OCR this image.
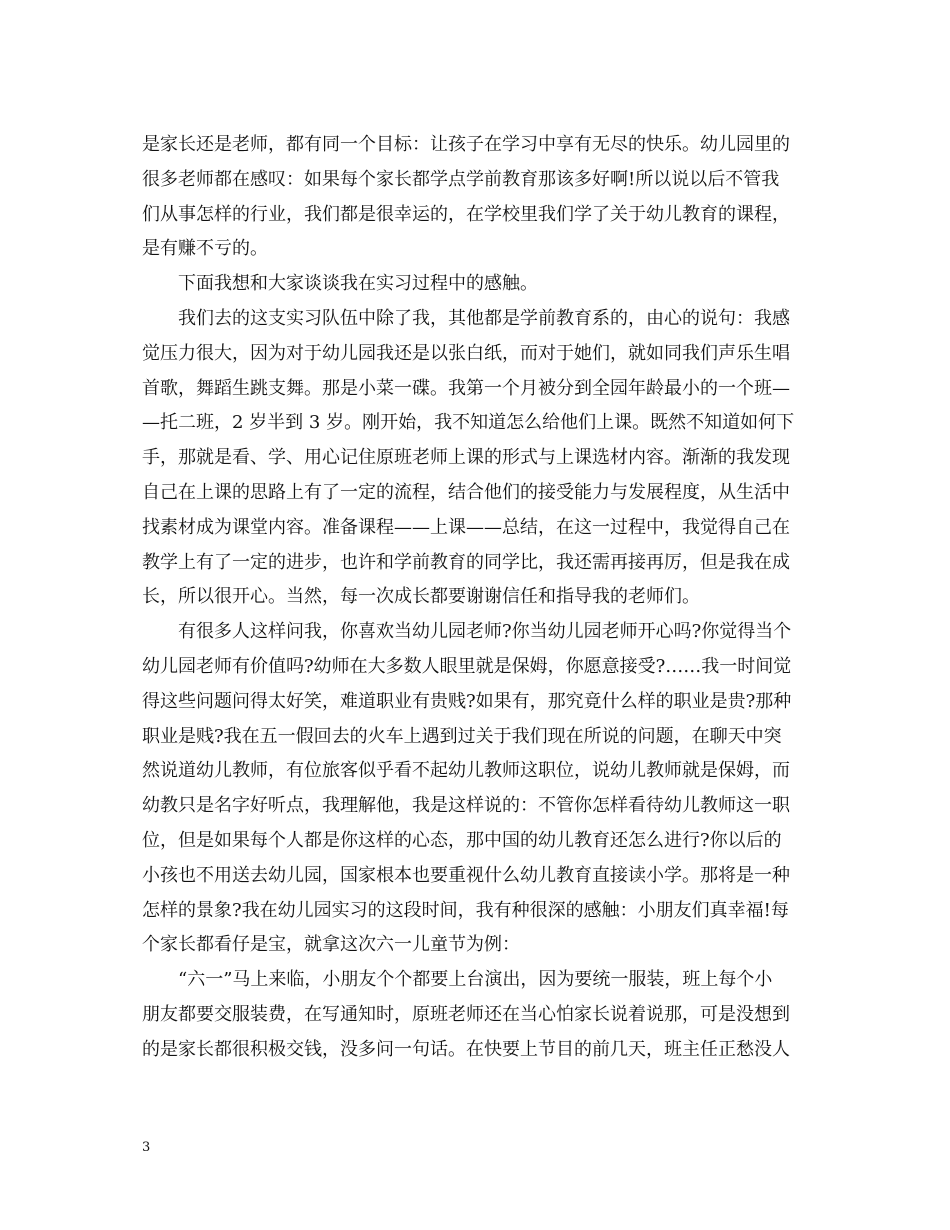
是家长还是老师，都有同一个目标：让孩子在学习中享有无尽的快乐。幼儿园里的
很多老师都在感叹：如果每个家长都学点学前教育那该多好啊!所以说以后不管我
们从事怎样的行业，我们都是很幸运的，在学校里我们学了关于幼儿教育的课程，
是有赚不亏的。
下面我想和大家谈谈我在实习过程中的感触。
我们去的这支实习队伍中除了我，其他都是学前教育系的，由心的说句：我感
觉压力很大，因为对于幼儿园我还是以张白纸，而对于她们，就如同我们声乐生唱
首歌，舞蹈生跳支舞。那是小菜一碟。我第一个月被分到全园年龄最小的一个班—
—托二班，2 岁半到 3 岁。刚开始，我不知道怎么给他们上课。既然不知道如何下
手，那就是看、学、用心记住原班老师上课的形式与上课选材内容。渐渐的我发现
自己在上课的思路上有了一定的流程，结合他们的接受能力与发展程度，从生活中
找素材成为课堂内容。准备课程——上课——总结，在这一过程中，我觉得自己在
教学上有了一定的进步，也许和学前教育的同学比，我还需再接再厉，但是我在成
长，所以很开心。当然，每一次成长都要谢谢信任和指导我的老师们。
有很多人这样问我，你喜欢当幼儿园老师?你当幼儿园老师开心吗?你觉得当个
幼儿园老师有价值吗?幼师在大多数人眼里就是保姆，你愿意接受?……我一时间觉
得这些问题问得太好笑，难道职业有贵贱?如果有，那究竟什么样的职业是贵?那种
职业是贱?我在五一假回去的火车上遇到过关于我们现在所说的问题，在聊天中突
然说道幼儿教师，有位旅客似乎看不起幼儿教师这职位，说幼儿教师就是保姆，而
幼教只是名字好听点，我理解他，我是这样说的：不管你怎样看待幼儿教师这一职
位，但是如果每个人都是你这样的心态，那中国的幼儿教育还怎么进行?你以后的
小孩也不用送去幼儿园，国家根本也要重视什么幼儿教育直接读小学。那将是一种
怎样的景象?我在幼儿园实习的这段时间，我有种很深的感触：小朋友们真幸福!每
个家长都看仔是宝，就拿这次六一儿童节为例：
“六一”马上来临，小朋友个个都要上台演出，因为要统一服装，班上每个小
朋友都要交服装费，在写通知时，原班老师还在当心怕家长说着说那，可是没想到
的是家长都很积极交钱，没多问一句话。在快要上节目的前几天，班主任正愁没人
3
